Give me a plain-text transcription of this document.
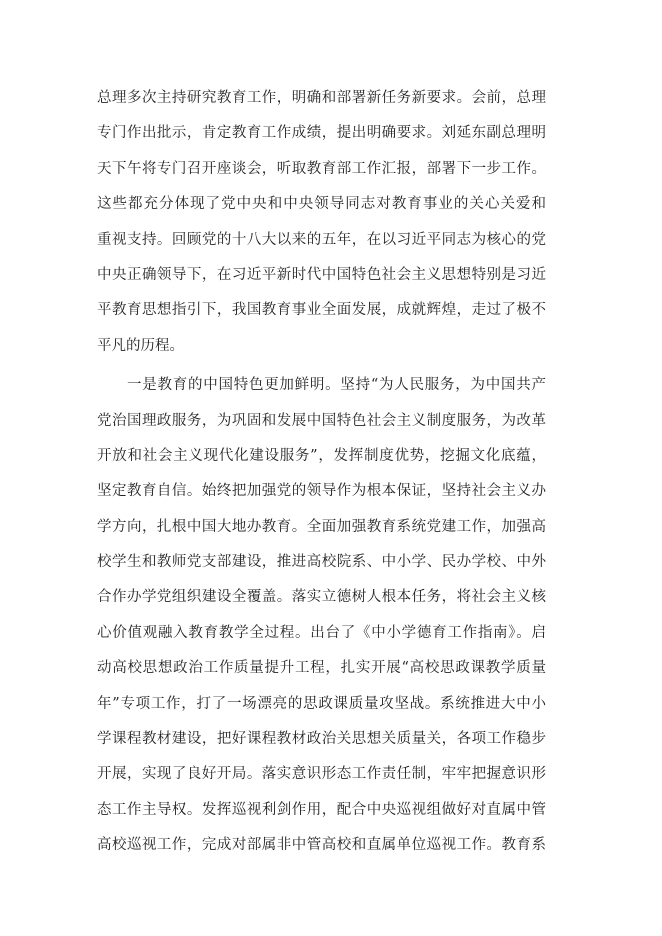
总理多次主持研究教育工作，明确和部署新任务新要求。会前，总理
专门作出批示，肯定教育工作成绩，提出明确要求。刘延东副总理明
天下午将专门召开座谈会，听取教育部工作汇报，部署下一步工作。
这些都充分体现了党中央和中央领导同志对教育事业的关心关爱和
重视支持。回顾党的十八大以来的五年，在以习近平同志为核心的党
中央正确领导下，在习近平新时代中国特色社会主义思想特别是习近
平教育思想指引下，我国教育事业全面发展，成就辉煌，走过了极不
平凡的历程。
一是教育的中国特色更加鲜明。坚持“为人民服务，为中国共产
党治国理政服务，为巩固和发展中国特色社会主义制度服务，为改革
开放和社会主义现代化建设服务”，发挥制度优势，挖掘文化底蕴，
坚定教育自信。始终把加强党的领导作为根本保证，坚持社会主义办
学方向，扎根中国大地办教育。全面加强教育系统党建工作，加强高
校学生和教师党支部建设，推进高校院系、中小学、民办学校、中外
合作办学党组织建设全覆盖。落实立德树人根本任务，将社会主义核
心价值观融入教育教学全过程。出台了《中小学德育工作指南》。启
动高校思想政治工作质量提升工程，扎实开展“高校思政课教学质量
年”专项工作，打了一场漂亮的思政课质量攻坚战。系统推进大中小
学课程教材建设，把好课程教材政治关思想关质量关，各项工作稳步
开展，实现了良好开局。落实意识形态工作责任制，牢牢把握意识形
态工作主导权。发挥巡视利剑作用，配合中央巡视组做好对直属中管
高校巡视工作，完成对部属非中管高校和直属单位巡视工作。教育系
